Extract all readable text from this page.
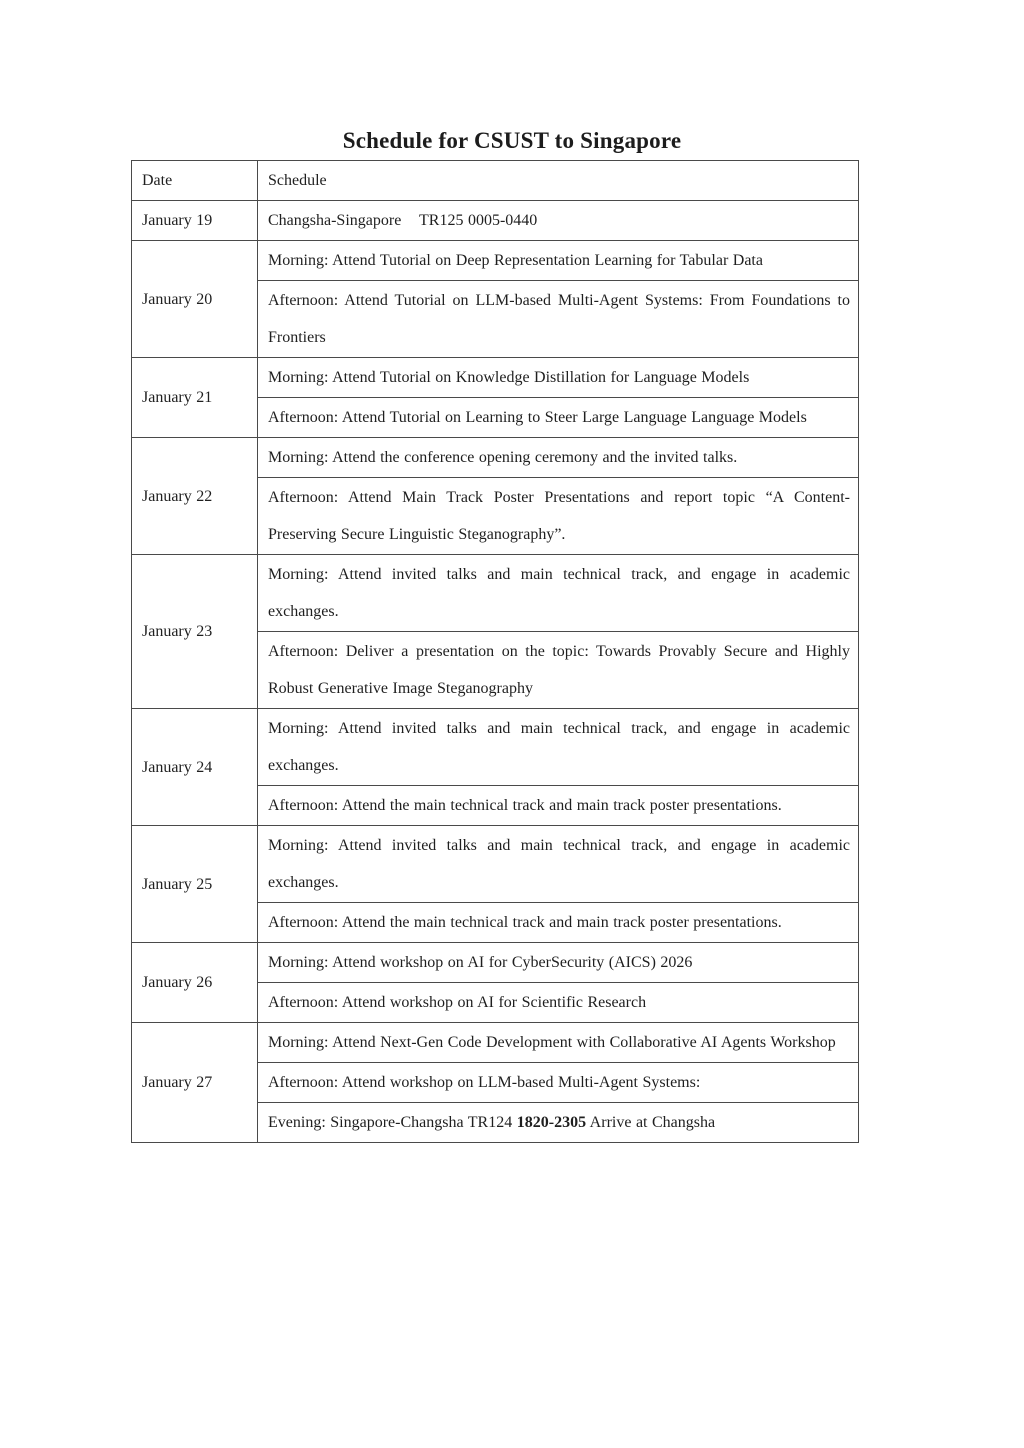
Schedule for CSUST to Singapore
Date	Schedule
January 19	Changsha-Singapore    TR125 0005-0440
January 20	Morning: Attend Tutorial on Deep Representation Learning for Tabular Data
	Afternoon: Attend Tutorial on LLM-based Multi-Agent Systems: From Foundations to Frontiers
January 21	Morning: Attend Tutorial on Knowledge Distillation for Language Models
	Afternoon: Attend Tutorial on Learning to Steer Large Language Language Models
January 22	Morning: Attend the conference opening ceremony and the invited talks.
	Afternoon: Attend Main Track Poster Presentations and report topic “A Content-Preserving Secure Linguistic Steganography”.
January 23	Morning: Attend invited talks and main technical track, and engage in academic exchanges.
	Afternoon: Deliver a presentation on the topic: Towards Provably Secure and Highly Robust Generative Image Steganography
January 24	Morning: Attend invited talks and main technical track, and engage in academic exchanges.
	Afternoon: Attend the main technical track and main track poster presentations.
January 25	Morning: Attend invited talks and main technical track, and engage in academic exchanges.
	Afternoon: Attend the main technical track and main track poster presentations.
January 26	Morning: Attend workshop on AI for CyberSecurity (AICS) 2026
	Afternoon: Attend workshop on AI for Scientific Research
January 27	Morning: Attend Next-Gen Code Development with Collaborative AI Agents Workshop
	Afternoon: Attend workshop on LLM-based Multi-Agent Systems:
	Evening: Singapore-Changsha TR124 1820-2305 Arrive at Changsha
